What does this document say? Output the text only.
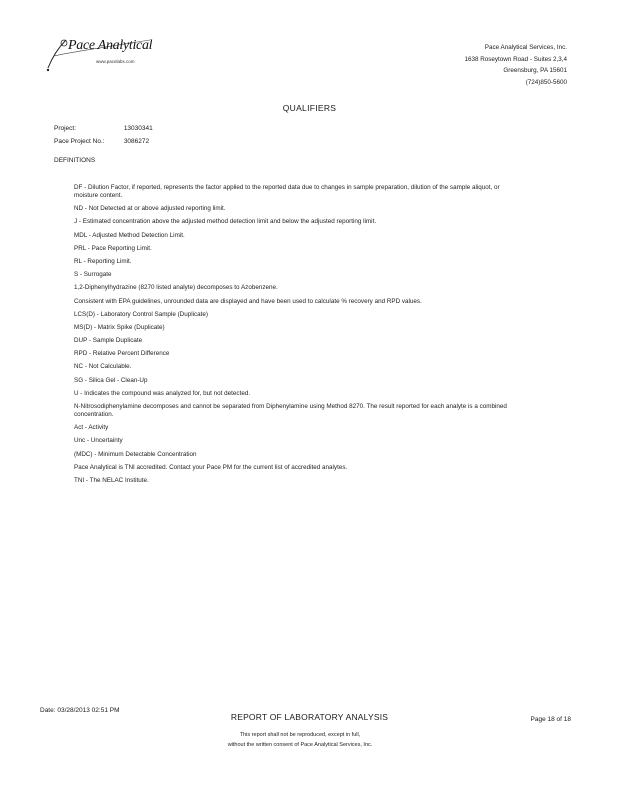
Pace Analytical
www.pacelabs.com
Pace Analytical Services, Inc.
1638 Roseytown Road - Suites 2,3,4
Greensburg, PA 15601
(724)850-5600
QUALIFIERS
Project:	13030341
Pace Project No.:	3086272
DEFINITIONS
DF - Dilution Factor, if reported, represents the factor applied to the reported data due to changes in sample preparation, dilution of the sample aliquot, or moisture content.
ND - Not Detected at or above adjusted reporting limit.
J - Estimated concentration above the adjusted method detection limit and below the adjusted reporting limit.
MDL - Adjusted Method Detection Limit.
PRL - Pace Reporting Limit.
RL - Reporting Limit.
S - Surrogate
1,2-Diphenylhydrazine (8270 listed analyte) decomposes to Azobenzene.
Consistent with EPA guidelines, unrounded data are displayed and have been used to calculate % recovery and RPD values.
LCS(D) - Laboratory Control Sample (Duplicate)
MS(D) - Matrix Spike (Duplicate)
DUP - Sample Duplicate
RPD - Relative Percent Difference
NC - Not Calculable.
SG - Silica Gel - Clean-Up
U - Indicates the compound was analyzed for, but not detected.
N-Nitrosodiphenylamine decomposes and cannot be separated from Diphenylamine using Method 8270. The result reported for each analyte is a combined concentration.
Act - Activity
Unc - Uncertainty
(MDC) - Minimum Detectable Concentration
Pace Analytical is TNI accredited. Contact your Pace PM for the current list of accredited analytes.
TNI - The NELAC Institute.
Date: 03/28/2013 02:51 PM
REPORT OF LABORATORY ANALYSIS	Page 18 of 18
This report shall not be reproduced, except in full,
without the written consent of Pace Analytical Services, Inc.
